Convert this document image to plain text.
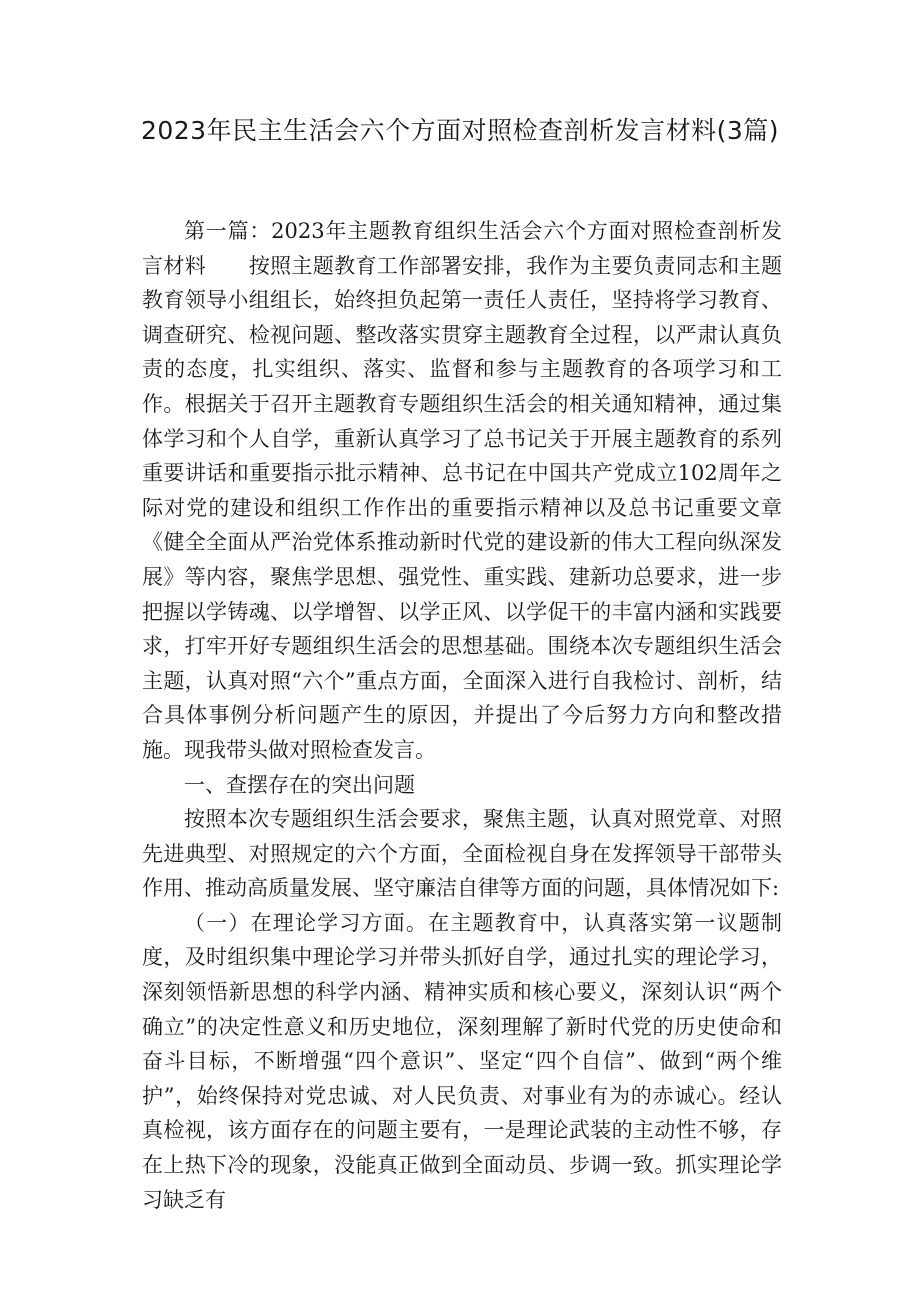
2023年民主生活会六个方面对照检查剖析发言材料(3篇)

第一篇：2023年主题教育组织生活会六个方面对照检查剖析发言材料　　按照主题教育工作部署安排，我作为主要负责同志和主题教育领导小组组长，始终担负起第一责任人责任，坚持将学习教育、调查研究、检视问题、整改落实贯穿主题教育全过程，以严肃认真负责的态度，扎实组织、落实、监督和参与主题教育的各项学习和工作。根据关于召开主题教育专题组织生活会的相关通知精神，通过集体学习和个人自学，重新认真学习了总书记关于开展主题教育的系列重要讲话和重要指示批示精神、总书记在中国共产党成立102周年之际对党的建设和组织工作作出的重要指示精神以及总书记重要文章《健全全面从严治党体系推动新时代党的建设新的伟大工程向纵深发展》等内容，聚焦学思想、强党性、重实践、建新功总要求，进一步把握以学铸魂、以学增智、以学正风、以学促干的丰富内涵和实践要求，打牢开好专题组织生活会的思想基础。围绕本次专题组织生活会主题，认真对照“六个”重点方面，全面深入进行自我检讨、剖析，结合具体事例分析问题产生的原因，并提出了今后努力方向和整改措施。现我带头做对照检查发言。

一、查摆存在的突出问题

按照本次专题组织生活会要求，聚焦主题，认真对照党章、对照先进典型、对照规定的六个方面，全面检视自身在发挥领导干部带头作用、推动高质量发展、坚守廉洁自律等方面的问题，具体情况如下:

（一）在理论学习方面。在主题教育中，认真落实第一议题制度，及时组织集中理论学习并带头抓好自学，通过扎实的理论学习，深刻领悟新思想的科学内涵、精神实质和核心要义，深刻认识“两个确立”的决定性意义和历史地位，深刻理解了新时代党的历史使命和奋斗目标，不断增强“四个意识”、坚定“四个自信”、做到“两个维护”，始终保持对党忠诚、对人民负责、对事业有为的赤诚心。经认真检视，该方面存在的问题主要有，一是理论武装的主动性不够，存在上热下冷的现象，没能真正做到全面动员、步调一致。抓实理论学习缺乏有
